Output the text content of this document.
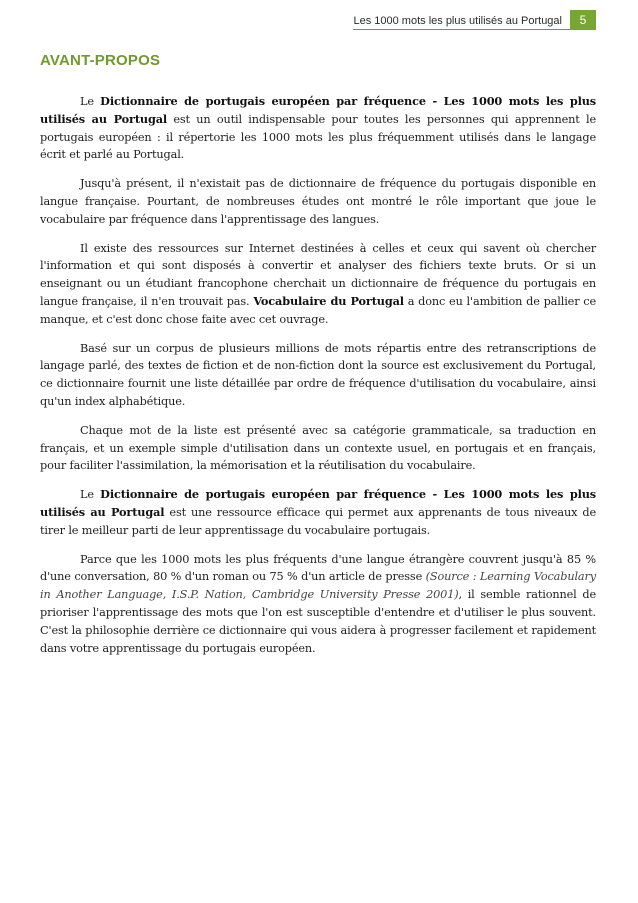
Les 1000 mots les plus utilisés au Portugal	5
AVANT-PROPOS

Le Dictionnaire de portugais européen par fréquence - Les 1000 mots les plus utilisés au Portugal est un outil indispensable pour toutes les personnes qui apprennent le portugais européen : il répertorie les 1000 mots les plus fréquemment utilisés dans le langage écrit et parlé au Portugal.

Jusqu'à présent, il n'existait pas de dictionnaire de fréquence du portugais disponible en langue française. Pourtant, de nombreuses études ont montré le rôle important que joue le vocabulaire par fréquence dans l'apprentissage des langues.

Il existe des ressources sur Internet destinées à celles et ceux qui savent où chercher l'information et qui sont disposés à convertir et analyser des fichiers texte bruts. Or si un enseignant ou un étudiant francophone cherchait un dictionnaire de fréquence du portugais en langue française, il n'en trouvait pas. Vocabulaire du Portugal a donc eu l'ambition de pallier ce manque, et c'est donc chose faite avec cet ouvrage.

Basé sur un corpus de plusieurs millions de mots répartis entre des retranscriptions de langage parlé, des textes de fiction et de non-fiction dont la source est exclusivement du Portugal, ce dictionnaire fournit une liste détaillée par ordre de fréquence d'utilisation du vocabulaire, ainsi qu'un index alphabétique.

Chaque mot de la liste est présenté avec sa catégorie grammaticale, sa traduction en français, et un exemple simple d'utilisation dans un contexte usuel, en portugais et en français, pour faciliter l'assimilation, la mémorisation et la réutilisation du vocabulaire.

Le Dictionnaire de portugais européen par fréquence - Les 1000 mots les plus utilisés au Portugal est une ressource efficace qui permet aux apprenants de tous niveaux de tirer le meilleur parti de leur apprentissage du vocabulaire portugais.

Parce que les 1000 mots les plus fréquents d'une langue étrangère couvrent jusqu'à 85 % d'une conversation, 80 % d'un roman ou 75 % d'un article de presse (Source : Learning Vocabulary in Another Language, I.S.P. Nation, Cambridge University Presse 2001), il semble rationnel de prioriser l'apprentissage des mots que l'on est susceptible d'entendre et d'utiliser le plus souvent. C'est la philosophie derrière ce dictionnaire qui vous aidera à progresser facilement et rapidement dans votre apprentissage du portugais européen.
